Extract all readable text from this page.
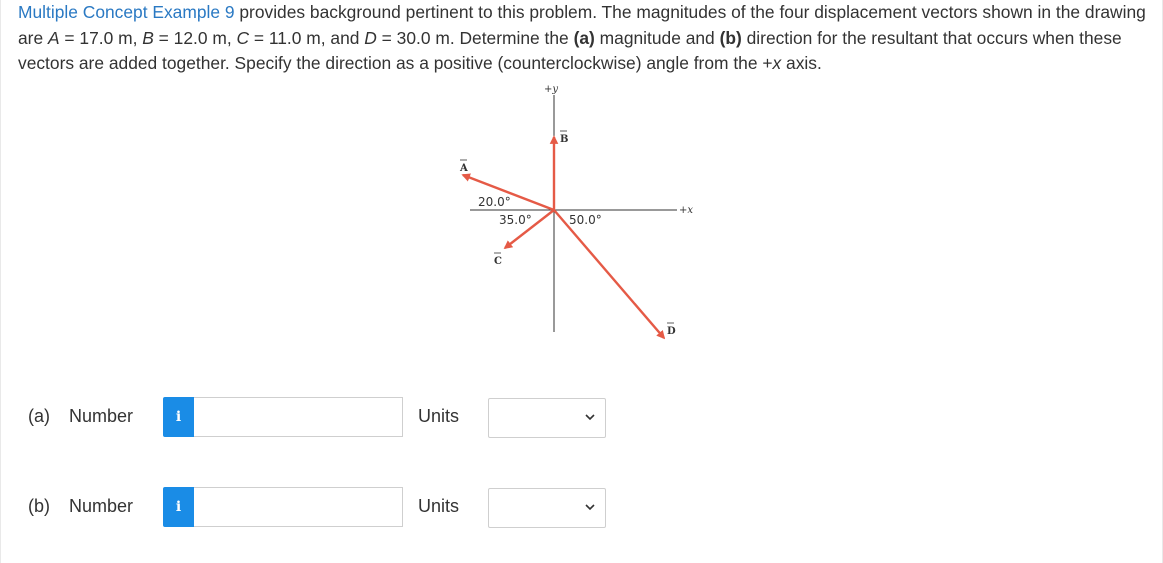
Multiple Concept Example 9 provides background pertinent to this problem. The magnitudes of the four displacement vectors shown in the drawing are A = 17.0 m, B = 12.0 m, C = 11.0 m, and D = 30.0 m. Determine the (a) magnitude and (b) direction for the resultant that occurs when these vectors are added together. Specify the direction as a positive (counterclockwise) angle from the +x axis.

+y
+x
A
B
C
D
20.0°
35.0°	50.0°
(a) Number	i	Units
(b) Number	i	Units
